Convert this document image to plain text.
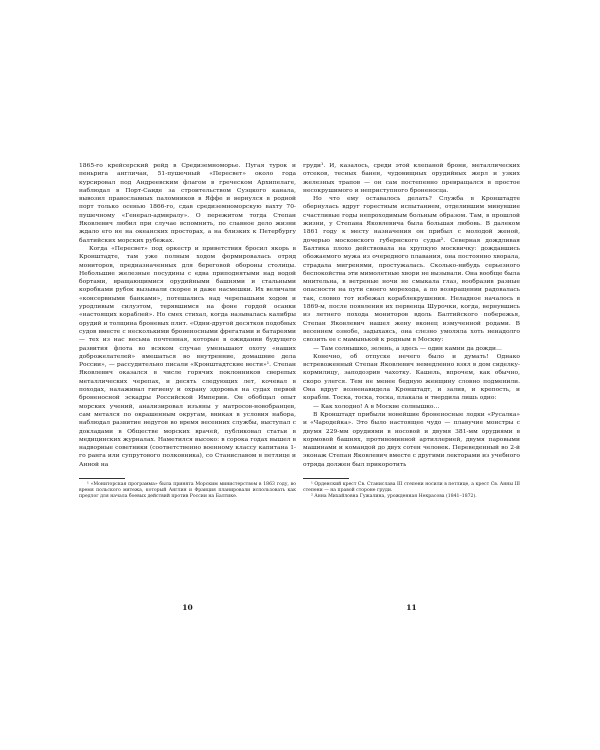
1865-го крейсерский рейд в Средиземноморье. Пугая турок и пеньрига англичан, 51-пушечный «Пересвет» около года курсировал под Андреевским флагом в греческом Архипелаге, наблюдал в Порт-Саиде за строительством Суэцкого канала, вывозил православных паломников в Яффе и вернулся в родной порт только осенью 1866-го, сдав средиземноморскую вахту 70-пушечному «Генерал-адмиралу». О пережитом тогда Степан Яковлевич любил при случае вспомнить, по славное дело жизни ждало его не на океанских просторах, а на близких к Петербургу балтийских морских рубежах.

Когда «Пересвет» под оркестр и приветствия бросил якорь в Кронштадте, там уже полным ходом формировалась отряд мониторов, предназначенных для береговой обороны столицы. Небольшие железные посудины с едва приподнятыми над водой бортами, вращающимися орудийными башнями и стальными коробками рубок вызывали скорее и даже насмешки. Их величали «консервными банками», потешались над черепашьим ходом и уродливым силуэтом, терявшимся на фоне гордой осанки «настоящих кораблей». Но смех стихал, когда называлась калибры орудий и толщина броневых плит. «Одни-другой десятков подобных судов вместе с несколькими броненосными фрегатами и батареями — тех из нас весьма почтенная, которые в ожидании будущего развития флота во всяком случае уменьшают охоту «наших доброжелателей» вмешаться во внутренние, домашние дела России», — рассудительно писали «Кронштадтские вести»¹. Степан Яковлевич оказался в числе горячих поклонников сверепых металлических черепах, и десять следующих лет, кочевал в походах, налаживал гигиену и охрану здоровья на судах первой броненосной эскадры Российской Империи. Он обобщал опыт морских учений, анализировал изъяны у матросов-новобранцев, сам метался по окрашенным округам, вникая в условия набора, наблюдал развитие недугов во время весенних службы, выступал с докладами в Обществе морских врачей, публиковал статьи в медицинских журналах. Наметился высоко: в сорока годах вышел в надворные советники (соответственно военному классу капитана 1-го ранга или супрутового полковника), со Станиславом в петлице и Анной на

¹ «Мониторская программа» была принята Морским министерством в 1863 году, во время польского мятежа, который Англия и Франция планировали использовать как предлог для начала боевых действий против России на Балтике.

груди¹. И, казалось, среди этой клепаной брони, металлических отсеков, тесных банен, чудовищных орудийных жерл и узких железных трапов — он сам постепенно превращался в простое несокрушимого и неприступного броненосца.

Но что ему оставалось делать? Служба в Кронштадте обернулась вдруг горестным испытанием, отделившим минувшие счастливые годы непроходимым больным образом. Там, в прошлой жизни, у Степана Яковлевича была большая любовь. В далеком 1861 году к месту назначения он прибыл с молодой женой, дочерью московского губернского судьи². Северная дождливая Балтика плохо действовала на хрупкую москвичку: дождавшись обожаемого мужа из очередного плавания, она постоянно хворала, страдала мигренями, простужалась. Сколько-нибудь серьезного беспокойства эти мимолетные хвори не вызывали. Она вообще была мнительна, в ветреные ночи не смыкала глаз, вообразив разные опасности на пути своего морехода, а по возвращении радовалась так, словно тот избежал кораблекрушения. Неладное началось в 1869-м, после появления их первенца Шурочки, когда, вернувшись из летнего похода мониторов вдоль Балтийского побережья, Степан Яковлевич нашел жену вконец измученной родами. В весеннем ознобе, задыхаясь, она слезно умоляла хоть ненадолго свозить ее с мамынькой к родным в Москву:

— Там солнышко, зелень, а здесь — один камни да дожди…

Конечно, об отпуске нечего было и думать! Однако встревоженный Степан Яковлевич немедленно взял в дом сиделку-кормилицу, заподозрив чахотку. Кашель, впрочем, как обычно, скоро улегся. Тем не менее бедную женщину словно подменили. Она вдруг возненавидела Кронштадт, и залив, и крепость, и корабли. Тоска, тоска, тоска, плакала и твердила лишь одно:

— Как холодно! А в Москве солнышко…

В Кронштадт прибыли новейшие броненосные лодки «Русалка» и «Чародейка». Это было настоящее чудо — плавучие монстры с двумя 229-мм орудиями в носовой и двумя 381-мм орудиями в кормовой башнях, противоминной артиллерией, двумя паровыми машинами и командой до двух сотен человек. Переведенный во 2-й эконаж Степан Яковлевич вместе с другими лекторами из учебного отряда должен был прикоротить

¹ Орденский крест Св. Станислава III степени носили в петлице, а крест Св. Анны III степени — на правой стороне груди.

² Анна Михайловна Гужалина, урожденная Некрасова (1841–1872).

10	11
